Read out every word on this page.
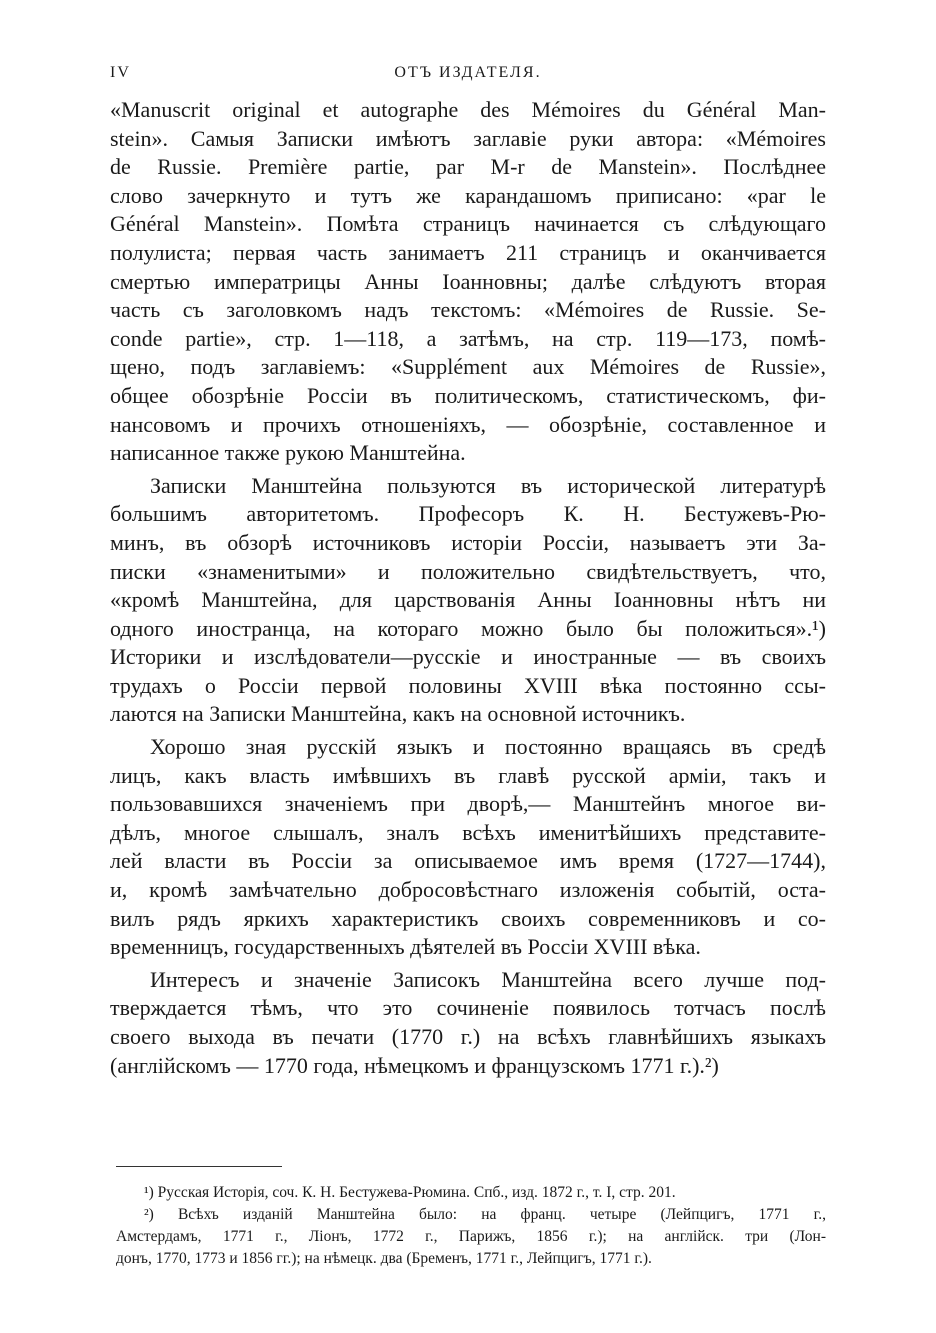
IV	ОТЪ ИЗДАТЕЛЯ.
«Manuscrit original et autographe des Mémoires du Général Man-
stein». Самыя Записки имѣютъ заглавіе руки автора: «Mémoires
de Russie. Première partie, par M-r de Manstein». Послѣднее
слово зачеркнуто и тутъ же карандашомъ приписано: «par le
Général Manstein». Помѣта страницъ начинается съ слѣдующаго
полулиста; первая часть занимаетъ 211 страницъ и оканчивается
смертью императрицы Анны Іоанновны; далѣе слѣдуютъ вторая
часть съ заголовкомъ надъ текстомъ: «Mémoires de Russie. Se-
conde partie», стр. 1—118, а затѣмъ, на стр. 119—173, помѣ-
щено, подъ заглавіемъ: «Supplément aux Mémoires de Russie»,
общее обозрѣніе Россіи въ политическомъ, статистическомъ, фи-
нансовомъ и прочихъ отношеніяхъ, — обозрѣніе, составленное и
написанное также рукою Манштейна.
Записки Манштейна пользуются въ исторической литературѣ
большимъ авторитетомъ. Професоръ К. Н. Бестужевъ-Рю-
минъ, въ обзорѣ источниковъ исторіи Россіи, называетъ эти За-
писки «знаменитыми» и положительно свидѣтельствуетъ, что,
«кромѣ Манштейна, для царствованія Анны Іоанновны нѣтъ ни
одного иностранца, на котораго можно было бы положиться».¹)
Историки и изслѣдователи—русскіе и иностранные — въ своихъ
трудахъ о Россіи первой половины XVIII вѣка постоянно ссы-
лаются на Записки Манштейна, какъ на основной источникъ.
Хорошо зная русскій языкъ и постоянно вращаясь въ средѣ
лицъ, какъ власть имѣвшихъ въ главѣ русской арміи, такъ и
пользовавшихся значеніемъ при дворѣ,— Манштейнъ многое ви-
дѣлъ, многое слышалъ, зналъ всѣхъ именитѣйшихъ представите-
лей власти въ Россіи за описываемое имъ время (1727—1744),
и, кромѣ замѣчательно добросовѣстнаго изложенія событій, оста-
вилъ рядъ яркихъ характеристикъ своихъ современниковъ и со-
временницъ, государственныхъ дѣятелей въ Россіи XVIII вѣка.
Интересъ и значеніе Записокъ Манштейна всего лучше под-
тверждается тѣмъ, что это сочиненіе появилось тотчасъ послѣ
своего выхода въ печати (1770 г.) на всѣхъ главнѣйшихъ языкахъ
(англійскомъ — 1770 года, нѣмецкомъ и французскомъ 1771 г.).²)
¹) Русская Исторія, соч. К. Н. Бестужева-Рюмина. Спб., изд. 1872 г., т. I, стр. 201.
²) Всѣхъ изданій Манштейна было: на франц. четыре (Лейпцигъ, 1771 г.,
Амстердамъ, 1771 г., Ліонъ, 1772 г., Парижъ, 1856 г.); на англійск. три (Лон-
донъ, 1770, 1773 и 1856 гг.); на нѣмецк. два (Бременъ, 1771 г., Лейпцигъ, 1771 г.).
